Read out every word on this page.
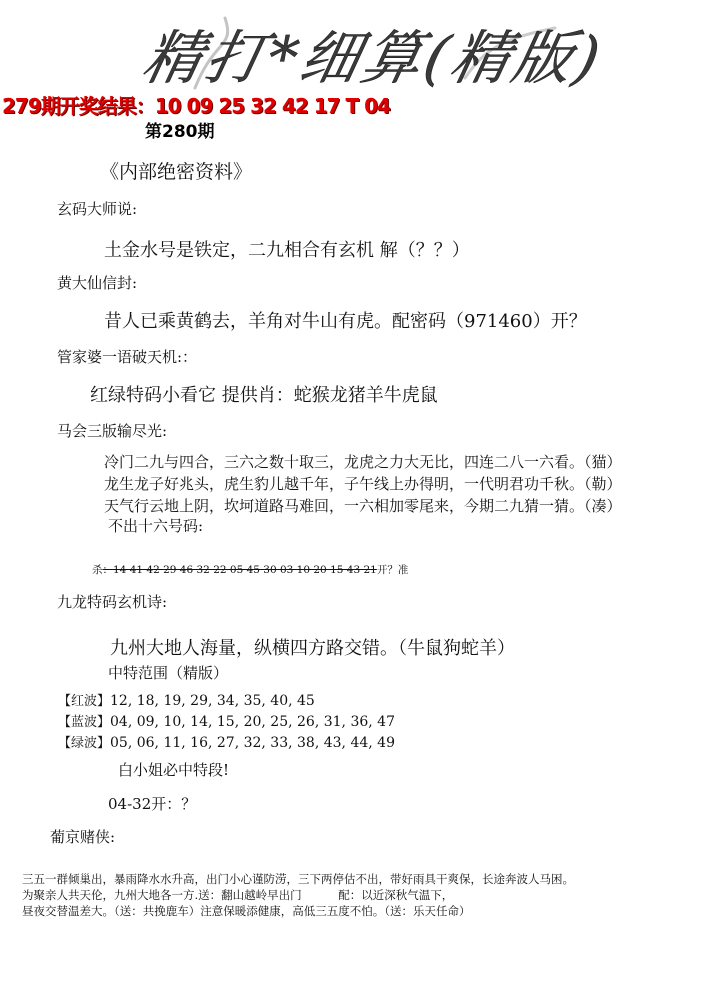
精打*细算(精版)
279期开奖结果：10 09 25 32 42 17 T 04
第280期
《内部绝密资料》
玄码大师说:
土金水号是铁定，二九相合有玄机 解（？？）
黄大仙信封:
昔人已乘黄鹤去，羊角对牛山有虎。配密码（971460）开？
管家婆一语破天机:：
红绿特码小看它 提供肖：蛇猴龙猪羊牛虎鼠
马会三版输尽光:
冷门二九与四合，三六之数十取三，龙虎之力大无比，四连二八一六看。（猫）
龙生龙子好兆头，虎生豹儿越千年，子午线上办得明，一代明君功千秋。（勒）
天气行云地上阴，坎坷道路马难回，一六相加零尾来，今期二九猜一猜。（凑）
不出十六号码:
杀：14 41 42 29 46 32 22 05 45 30 03 10 20 15 43 21开？准
九龙特码玄机诗:
九州大地人海量，纵横四方路交错。（牛鼠狗蛇羊）
中特范围（精版）
【红波】12, 18, 19, 29, 34, 35, 40, 45
【蓝波】04, 09, 10, 14, 15, 20, 25, 26, 31, 36, 47
【绿波】05, 06, 11, 16, 27, 32, 33, 38, 43, 44, 49
白小姐必中特段!
04-32开：？
葡京赌侠:
三五一群倾巢出，暴雨降水水升高，出门小心谨防涝，三下两停估不出，带好雨具干爽保，长途奔波人马困。
为聚亲人共天伦，九州大地各一方.送：翻山越岭早出门          配：以近深秋气温下，
昼夜交替温差大。（送：共挽鹿车）注意保暖添健康，高低三五度不怕。（送：乐天任命）
